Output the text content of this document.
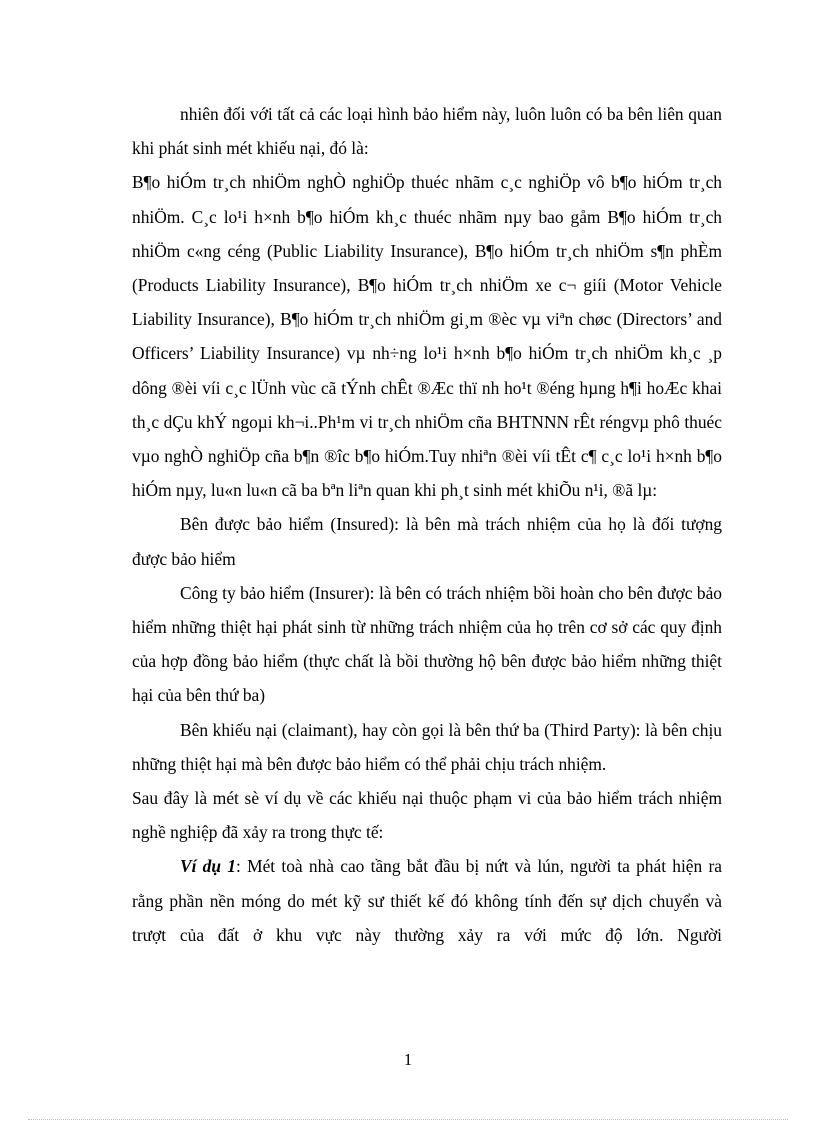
nhiên đối với tất cả các loại hình bảo hiểm này, luôn luôn có ba bên liên quan khi phát sinh mét khiếu nại, đó là:

B¶o hiÓm tr¸ch nhiÖm nghÒ nghiÖp thuéc nhãm c¸c nghiÖp vô b¶o hiÓm tr¸ch nhiÖm. C¸c lo¹i h×nh b¶o hiÓm kh¸c thuéc nhãm nµy bao gåm B¶o hiÓm tr¸ch nhiÖm c«ng céng (Public Liability Insurance), B¶o hiÓm tr¸ch nhiÖm s¶n phÈm (Products Liability Insurance), B¶o hiÓm tr¸ch nhiÖm xe c¬ giíi (Motor Vehicle Liability Insurance), B¶o hiÓm tr¸ch nhiÖm gi¸m ®èc vµ viªn chøc (Directors’ and Officers’ Liability Insurance) vµ nh÷ng lo¹i h×nh b¶o hiÓm tr¸ch nhiÖm kh¸c ¸p dông ®èi víi c¸c lÜnh vùc cã tÝnh chÊt ®Æc thï nh ho¹t ®éng hµng h¶i hoÆc khai th¸c dÇu khÝ ngoµi kh¬i..Ph¹m vi tr¸ch nhiÖm cña BHTNNN rÊt réngvµ phô thuéc vµo nghÒ nghiÖp cña b¶n ®îc b¶o hiÓm.Tuy nhiªn ®èi víi tÊt c¶ c¸c lo¹i h×nh b¶o hiÓm nµy, lu«n lu«n cã ba bªn liªn quan khi ph¸t sinh mét khiÕu n¹i, ®ã lµ:

Bên được bảo hiểm (Insured): là bên mà trách nhiệm của họ là đối tượng được bảo hiểm

Công ty bảo hiểm (Insurer): là bên có trách nhiệm bồi hoàn cho bên được bảo hiểm những thiệt hại phát sinh từ những trách nhiệm của họ trên cơ sở các quy định của hợp đồng bảo hiểm (thực chất là bồi thường hộ bên được bảo hiểm những thiệt hại của bên thứ ba)

Bên khiếu nại (claimant), hay còn gọi là bên thứ ba (Third Party): là bên chịu những thiệt hại mà bên được bảo hiểm có thể phải chịu trách nhiệm.

Sau đây là mét sè ví dụ về các khiếu nại thuộc phạm vi của bảo hiểm trách nhiệm nghề nghiệp đã xảy ra trong thực tế:

Ví dụ 1: Mét toà nhà cao tầng bắt đầu bị nứt và lún, người ta phát hiện ra rằng phần nền móng do mét kỹ sư thiết kế đó không tính đến sự dịch chuyển và trượt của đất ở khu vực này thường xảy ra với mức độ lớn. Người

1
